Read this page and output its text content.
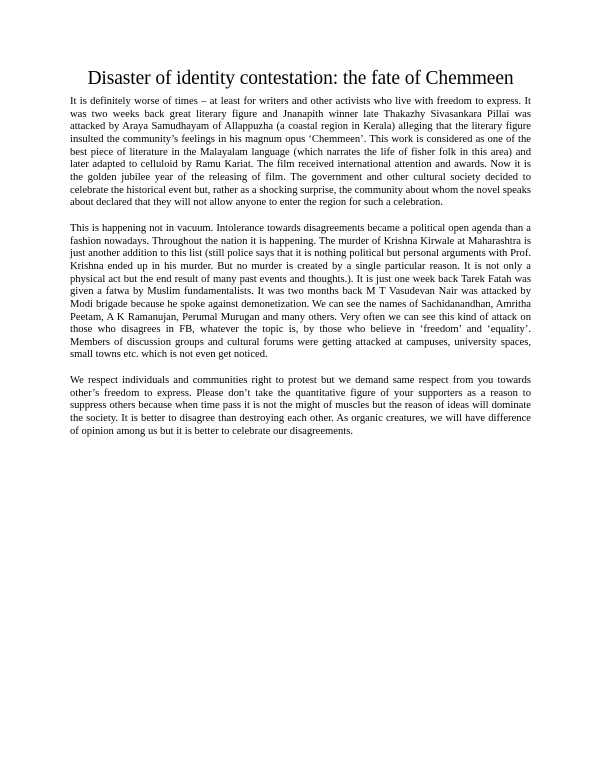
Disaster of identity contestation: the fate of Chemmeen

It is definitely worse of times – at least for writers and other activists who live with freedom to express. It was two weeks back great literary figure and Jnanapith winner late Thakazhy Sivasankara Pillai was attacked by Araya Samudhayam of Allappuzha (a coastal region in Kerala) alleging that the literary figure insulted the community’s feelings in his magnum opus ‘Chemmeen’. This work is considered as one of the best piece of literature in the Malayalam language (which narrates the life of fisher folk in this area) and later adapted to celluloid by Ramu Kariat. The film received international attention and awards. Now it is the golden jubilee year of the releasing of film. The government and other cultural society decided to celebrate the historical event but, rather as a shocking surprise, the community about whom the novel speaks about declared that they will not allow anyone to enter the region for such a celebration.

This is happening not in vacuum. Intolerance towards disagreements became a political open agenda than a fashion nowadays. Throughout the nation it is happening. The murder of Krishna Kirwale at Maharashtra is just another addition to this list (still police says that it is nothing political but personal arguments with Prof. Krishna ended up in his murder. But no murder is created by a single particular reason. It is not only a physical act but the end result of many past events and thoughts.). It is just one week back Tarek Fatah was given a fatwa by Muslim fundamentalists. It was two months back M T Vasudevan Nair was attacked by Modi brigade because he spoke against demonetization. We can see the names of Sachidanandhan, Amritha Peetam, A K Ramanujan, Perumal Murugan and many others. Very often we can see this kind of attack on those who disagrees in FB, whatever the topic is, by those who believe in ‘freedom’ and ‘equality’. Members of discussion groups and cultural forums were getting attacked at campuses, university spaces, small towns etc. which is not even get noticed.

We respect individuals and communities right to protest but we demand same respect from you towards other’s freedom to express. Please don’t take the quantitative figure of your supporters as a reason to suppress others because when time pass it is not the might of muscles but the reason of ideas will dominate the society. It is better to disagree than destroying each other. As organic creatures, we will have difference of opinion among us but it is better to celebrate our disagreements.
